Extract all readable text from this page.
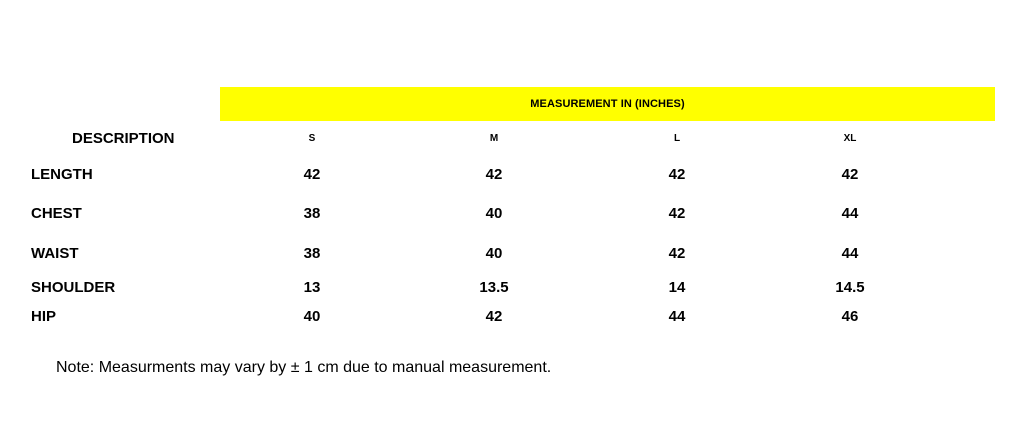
MEASUREMENT IN (INCHES)
DESCRIPTION	S	M	L	XL
LENGTH	42	42	42	42
CHEST	38	40	42	44
WAIST	38	40	42	44
SHOULDER	13	13.5	14	14.5
HIP	40	42	44	46
Note: Measurments may vary by ± 1 cm due to manual measurement.
